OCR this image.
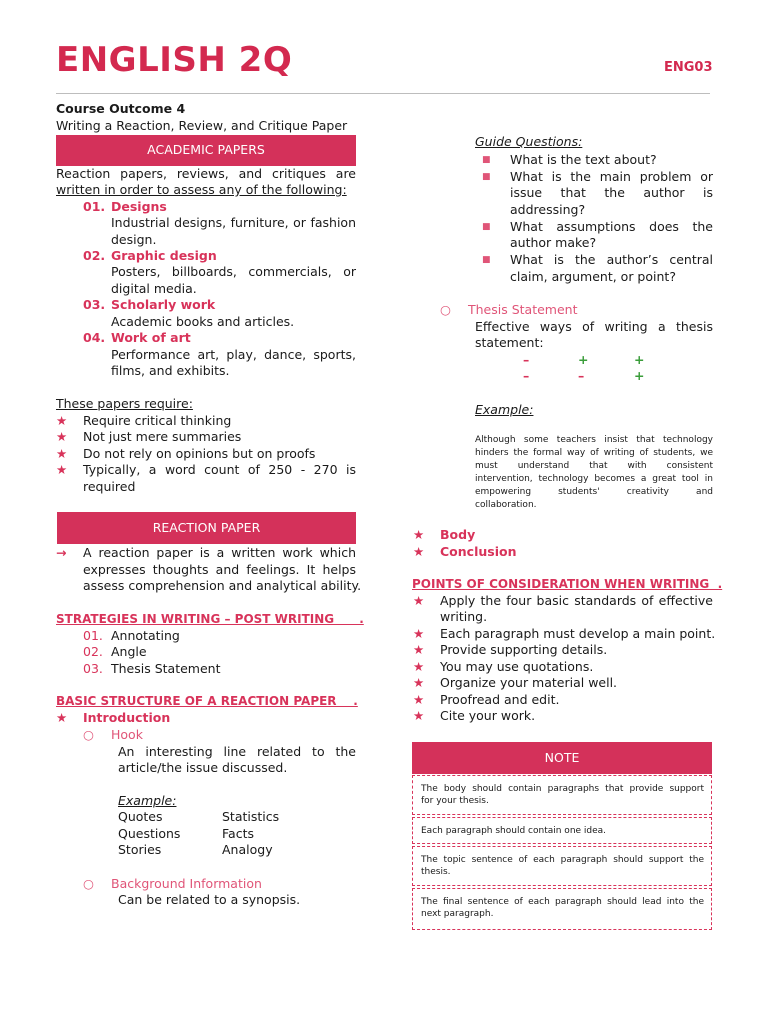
ENGLISH 2Q	ENG03
Course Outcome 4
Writing a Reaction, Review, and Critique Paper
ACADEMIC PAPERS
Reaction papers, reviews, and critiques are
written in order to assess any of the following:
01. Designs
Industrial designs, furniture, or fashion
design.
02. Graphic design
Posters, billboards, commercials, or
digital media.
03. Scholarly work
Academic books and articles.
04. Work of art
Performance art, play, dance, sports,
films, and exhibits.
These papers require:
★ Require critical thinking
★ Not just mere summaries
★ Do not rely on opinions but on proofs
★ Typically, a word count of 250 - 270 is
required
REACTION PAPER
→ A reaction paper is a written work which
expresses thoughts and feelings. It helps
assess comprehension and analytical ability.
STRATEGIES IN WRITING – POST WRITING      .
01. Annotating
02. Angle
03. Thesis Statement
BASIC STRUCTURE OF A REACTION PAPER    .
★ Introduction
○ Hook
An interesting line related to the
article/the issue discussed.
Example:
Quotes	Statistics
Questions	Facts
Stories	Analogy
○ Background Information
Can be related to a synopsis.
Guide Questions:
■ What is the text about?
■ What is the main problem or
issue that the author is
addressing?
■ What assumptions does the
author make?
■ What is the author’s central
claim, argument, or point?
○ Thesis Statement
Effective ways of writing a thesis
statement:
–	+	+
–	–	+
Example:
Although some teachers insist that technology
hinders the formal way of writing of students, we
must understand that with consistent
intervention, technology becomes a great tool in
empowering students' creativity and
collaboration.
★ Body
★ Conclusion
POINTS OF CONSIDERATION WHEN WRITING  .
★ Apply the four basic standards of effective
writing.
★ Each paragraph must develop a main point.
★ Provide supporting details.
★ You may use quotations.
★ Organize your material well.
★ Proofread and edit.
★ Cite your work.
NOTE
The body should contain paragraphs that provide support
for your thesis.
Each paragraph should contain one idea.
The topic sentence of each paragraph should support the
thesis.
The final sentence of each paragraph should lead into the
next paragraph.
